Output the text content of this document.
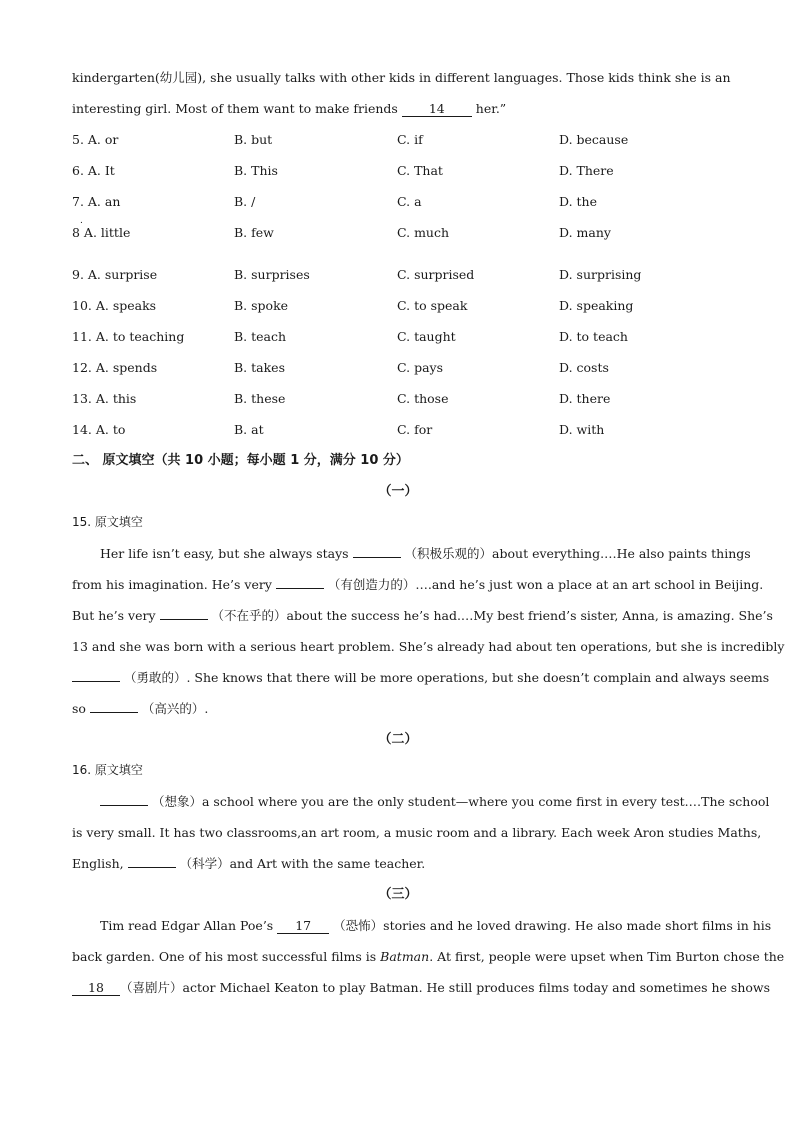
kindergarten(幼儿园), she usually talks with other kids in different languages. Those kids think she is an
interesting girl. Most of them want to make friends 14 her.”
5. A. or	B. but	C. if	D. because
6. A. It	B. This	C. That	D. There
7. A. an	B. /	C. a	D. the
8 A. little	B. few	C. much	D. many
.
9. A. surprise	B. surprises	C. surprised	D. surprising
10. A. speaks	B. spoke	C. to speak	D. speaking
11. A. to teaching	B. teach	C. taught	D. to teach
12. A. spends	B. takes	C. pays	D. costs
13. A. this	B. these	C. those	D. there
14. A. to	B. at	C. for	D. with
二、 原文填空（共 10 小题；每小题 1 分，满分 10 分）
（一）
15. 原文填空
Her life isn’t easy, but she always stays	（积极乐观的）about everything.…He also paints things
from his imagination. He’s very	（有创造力的）….and he’s just won a place at an art school in Beijing.
But he’s very	（不在乎的）about the success he’s had.…My best friend’s sister, Anna, is amazing. She’s
13 and she was born with a serious heart problem. She’s already had about ten operations, but she is incredibly
（勇敢的）. She knows that there will be more operations, but she doesn’t complain and always seems
so	（高兴的）.
（二）
16. 原文填空
（想象）a school where you are the only student—where you come first in every test.…The school
is very small. It has two classrooms,an art room, a music room and a library. Each week Aron studies Maths,
English,	（科学）and Art with the same teacher.
（三）
Tim read Edgar Allan Poe’s 17 （恐怖）stories and he loved drawing. He also made short films in his
back garden. One of his most successful films is Batman. At first, people were upset when Tim Burton chose the
18 （喜剧片）actor Michael Keaton to play Batman. He still produces films today and sometimes he shows
